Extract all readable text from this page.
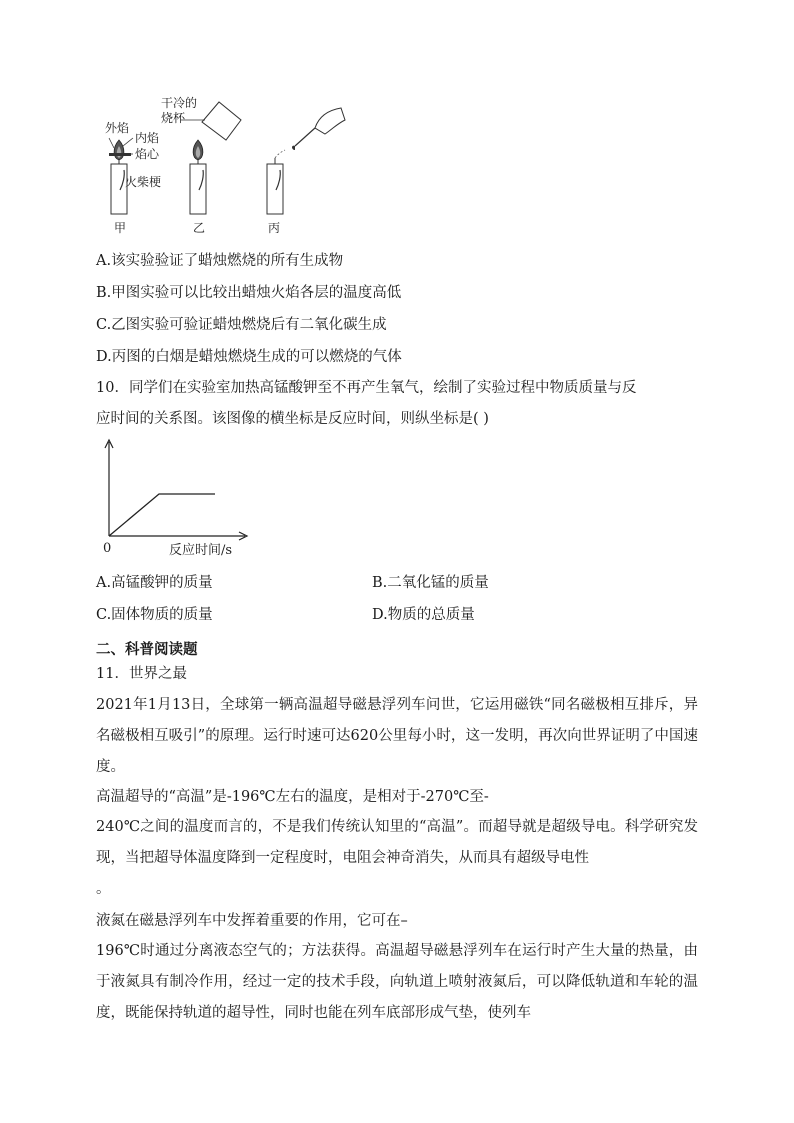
外焰
内焰
焰心
火柴梗
干冷的
烧杯
甲	乙	丙
A.该实验验证了蜡烛燃烧的所有生成物
B.甲图实验可以比较出蜡烛火焰各层的温度高低
C.乙图实验可验证蜡烛燃烧后有二氧化碳生成
D.丙图的白烟是蜡烛燃烧生成的可以燃烧的气体
10．同学们在实验室加热高锰酸钾至不再产生氧气，绘制了实验过程中物质质量与反
应时间的关系图。该图像的横坐标是反应时间，则纵坐标是( )
0	反应时间/s
A.高锰酸钾的质量	B.二氧化锰的质量
C.固体物质的质量	D.物质的总质量
二、科普阅读题
11．世界之最
2021年1月13日，全球第一辆高温超导磁悬浮列车问世，它运用磁铁“同名磁极相互排斥，异名磁极相互吸引”的原理。运行时速可达620公里每小时，这一发明，再次向世界证明了中国速度。
高温超导的“高温”是-196℃左右的温度，是相对于-270℃至-
240℃之间的温度而言的，不是我们传统认知里的“高温”。而超导就是超级导电。科学研究发现，当把超导体温度降到一定程度时，电阻会神奇消失，从而具有超级导电性
。
液氮在磁悬浮列车中发挥着重要的作用，它可在–
196℃时通过分离液态空气的；方法获得。高温超导磁悬浮列车在运行时产生大量的热量，由于液氮具有制冷作用，经过一定的技术手段，向轨道上喷射液氮后，可以降低轨道和车轮的温度，既能保持轨道的超导性，同时也能在列车底部形成气垫，使列车
